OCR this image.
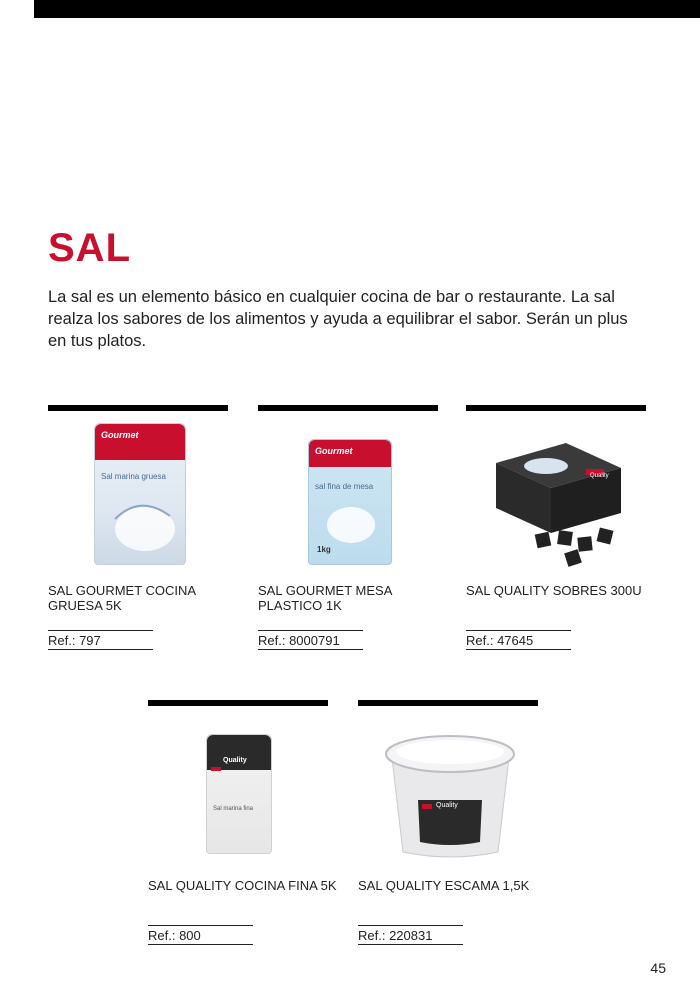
SAL

La sal es un elemento básico en cualquier cocina de bar o restaurante. La sal realza los sabores de los alimentos y ayuda a equilibrar el sabor. Serán un plus en tus platos.

Gourmet
Sal marina gruesa
SAL GOURMET COCINA GRUESA 5K
Ref.: 797
Gourmet
sal fina de mesa
1kg
SAL GOURMET MESA PLASTICO 1K
Ref.: 8000791
Quality
SAL QUALITY SOBRES 300U
Ref.: 47645
Quality
Sal marina fina
SAL QUALITY COCINA FINA 5K
Ref.: 800
Quality
SAL QUALITY ESCAMA 1,5K
Ref.: 220831
45
